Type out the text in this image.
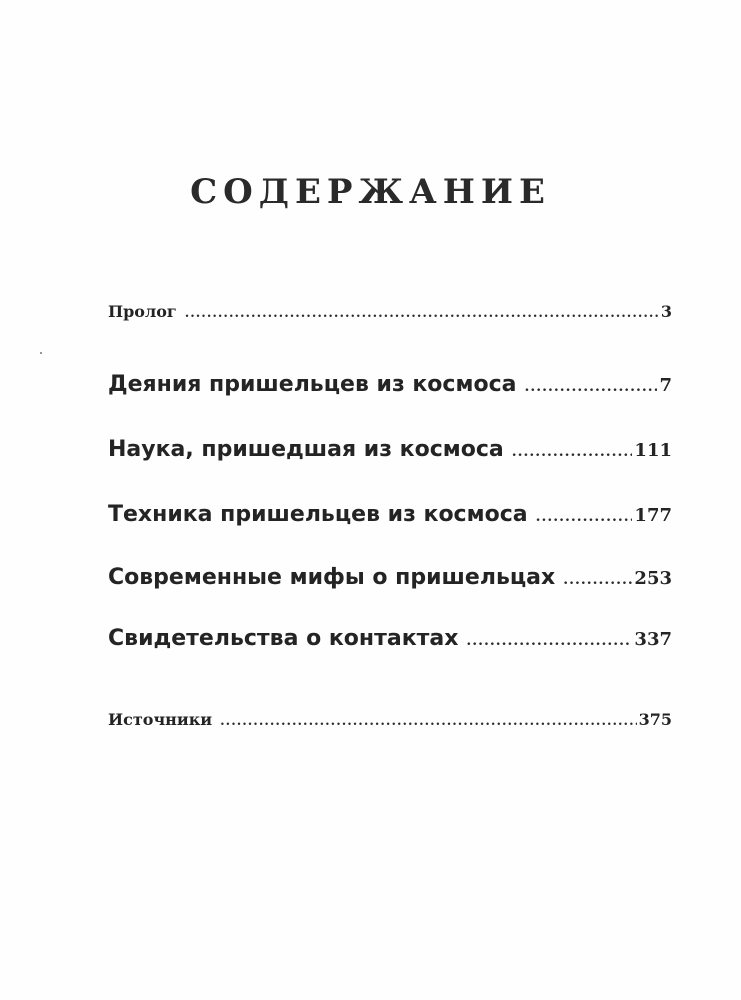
СОДЕРЖАНИЕ
Пролог .....	3
Деяния пришельцев из космоса .....	7
Наука, пришедшая из космоса .....	111
Техника пришельцев из космоса .....	177
Современные мифы о пришельцах .....	253
Свидетельства о контактах .....	337
Источники .....	375
